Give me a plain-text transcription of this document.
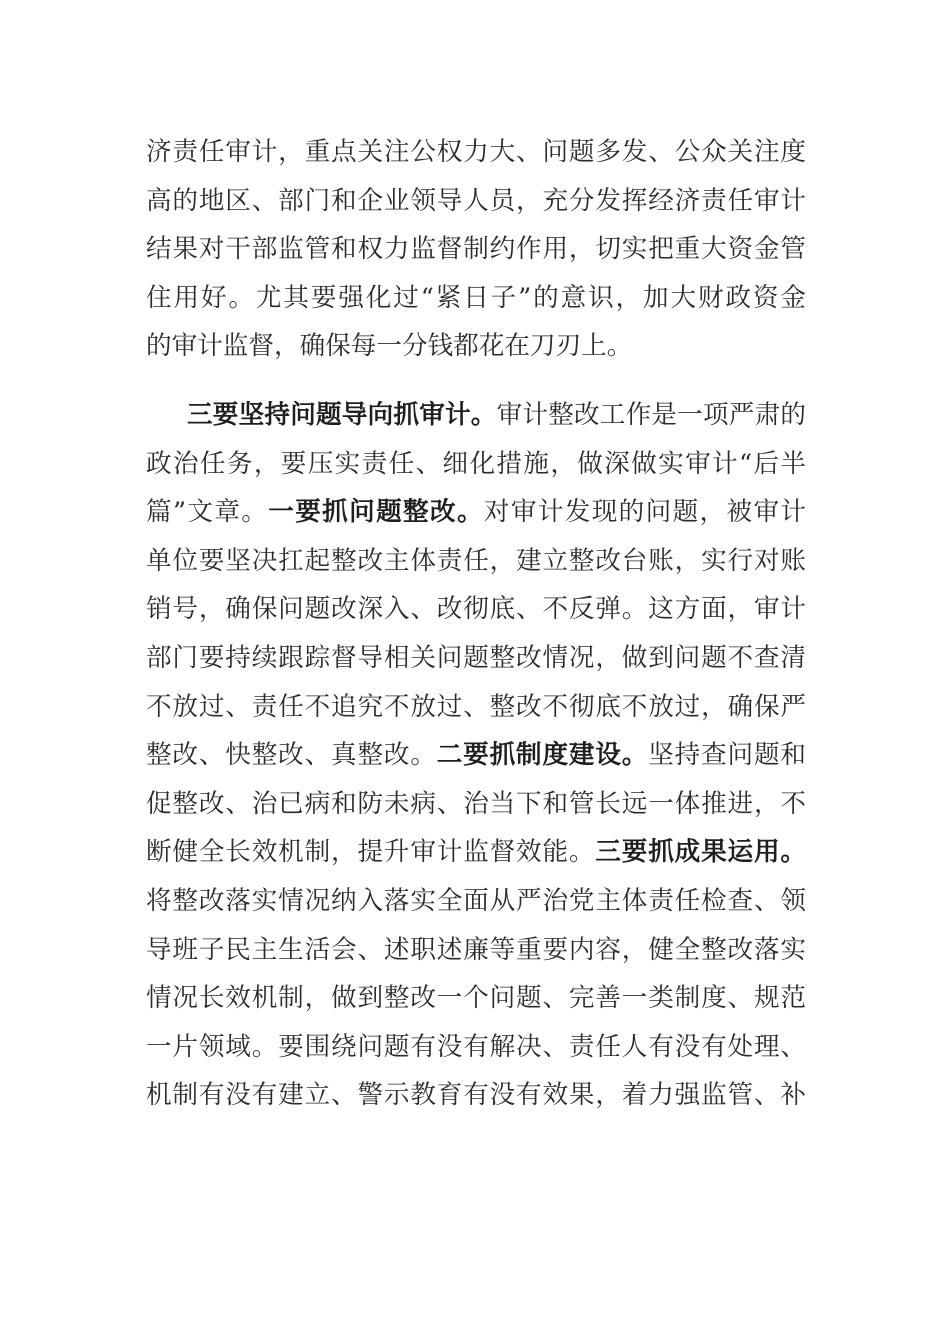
济责任审计，重点关注公权力大、问题多发、公众关注度
高的地区、部门和企业领导人员，充分发挥经济责任审计
结果对干部监管和权力监督制约作用，切实把重大资金管
住用好。尤其要强化过“紧日子”的意识，加大财政资金
的审计监督，确保每一分钱都花在刀刃上。
三要坚持问题导向抓审计。审计整改工作是一项严肃的
政治任务，要压实责任、细化措施，做深做实审计“后半
篇”文章。一要抓问题整改。对审计发现的问题，被审计
单位要坚决扛起整改主体责任，建立整改台账，实行对账
销号，确保问题改深入、改彻底、不反弹。这方面，审计
部门要持续跟踪督导相关问题整改情况，做到问题不查清
不放过、责任不追究不放过、整改不彻底不放过，确保严
整改、快整改、真整改。二要抓制度建设。坚持查问题和
促整改、治已病和防未病、治当下和管长远一体推进，不
断健全长效机制，提升审计监督效能。三要抓成果运用。
将整改落实情况纳入落实全面从严治党主体责任检查、领
导班子民主生活会、述职述廉等重要内容，健全整改落实
情况长效机制，做到整改一个问题、完善一类制度、规范
一片领域。要围绕问题有没有解决、责任人有没有处理、
机制有没有建立、警示教育有没有效果，着力强监管、补
